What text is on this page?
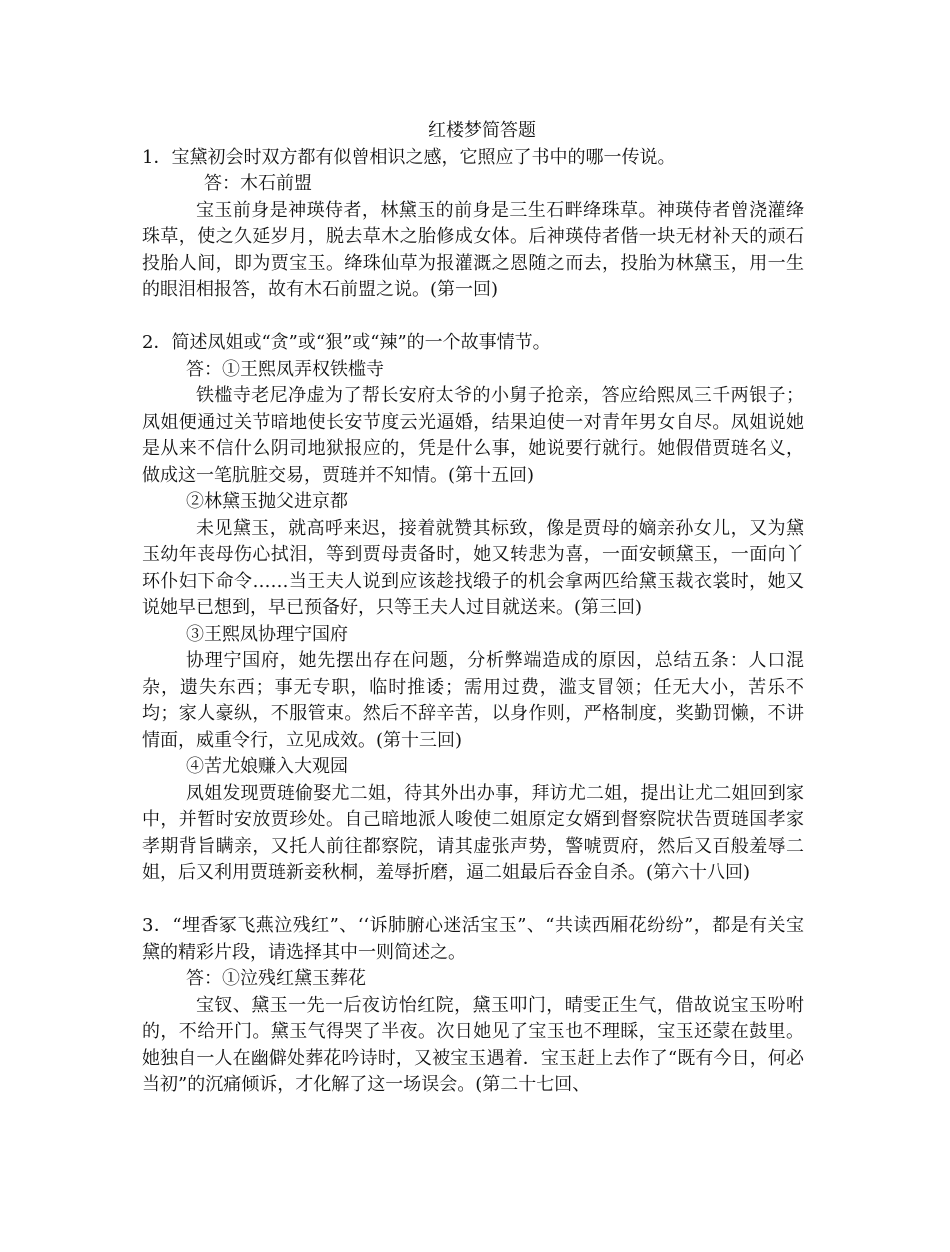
红楼梦简答题

1．宝黛初会时双方都有似曾相识之感，它照应了书中的哪一传说。

答：木石前盟

宝玉前身是神瑛侍者，林黛玉的前身是三生石畔绛珠草。神瑛侍者曾浇灌绛珠草，使之久延岁月，脱去草木之胎修成女体。后神瑛侍者偕一块无材补天的顽石投胎人间，即为贾宝玉。绛珠仙草为报灌溉之恩随之而去，投胎为林黛玉，用一生的眼泪相报答，故有木石前盟之说。(第一回)

2．简述凤姐或“贪”或“狠”或“辣”的一个故事情节。

答：①王熙凤弄权铁槛寺

铁槛寺老尼净虚为了帮长安府太爷的小舅子抢亲，答应给熙凤三千两银子；凤姐便通过关节暗地使长安节度云光逼婚，结果迫使一对青年男女自尽。凤姐说她是从来不信什么阴司地狱报应的，凭是什么事，她说要行就行。她假借贾琏名义，做成这一笔肮脏交易，贾琏并不知情。(第十五回)

②林黛玉抛父进京都

未见黛玉，就高呼来迟，接着就赞其标致，像是贾母的嫡亲孙女儿，又为黛玉幼年丧母伤心拭泪，等到贾母责备时，她又转悲为喜，一面安顿黛玉，一面向丫环仆妇下命令……当王夫人说到应该趁找缎子的机会拿两匹给黛玉裁衣裳时，她又说她早已想到，早已预备好，只等王夫人过目就送来。(第三回)

③王熙凤协理宁国府

协理宁国府，她先摆出存在问题，分析弊端造成的原因，总结五条：人口混杂，遗失东西；事无专职，临时推诿；需用过费，滥支冒领；任无大小，苦乐不均；家人豪纵，不服管束。然后不辞辛苦，以身作则，严格制度，奖勤罚懒，不讲情面，威重令行，立见成效。(第十三回)

④苦尤娘赚入大观园

凤姐发现贾琏偷娶尤二姐，待其外出办事，拜访尤二姐，提出让尤二姐回到家中，并暂时安放贾珍处。自己暗地派人唆使二姐原定女婿到督察院状告贾琏国孝家孝期背旨瞒亲，又托人前往都察院，请其虚张声势，警唬贾府，然后又百般羞辱二姐，后又利用贾琏新妾秋桐，羞辱折磨，逼二姐最后吞金自杀。(第六十八回)

3．“埋香冢飞燕泣残红”、‘‘诉肺腑心迷活宝玉”、“共读西厢花纷纷”，都是有关宝黛的精彩片段，请选择其中一则简述之。

答：①泣残红黛玉葬花

宝钗、黛玉一先一后夜访怡红院，黛玉叩门，晴雯正生气，借故说宝玉吩咐的，不给开门。黛玉气得哭了半夜。次日她见了宝玉也不理睬，宝玉还蒙在鼓里。她独自一人在幽僻处葬花吟诗时，又被宝玉遇着．宝玉赶上去作了“既有今日，何必当初”的沉痛倾诉，才化解了这一场误会。(第二十七回、
